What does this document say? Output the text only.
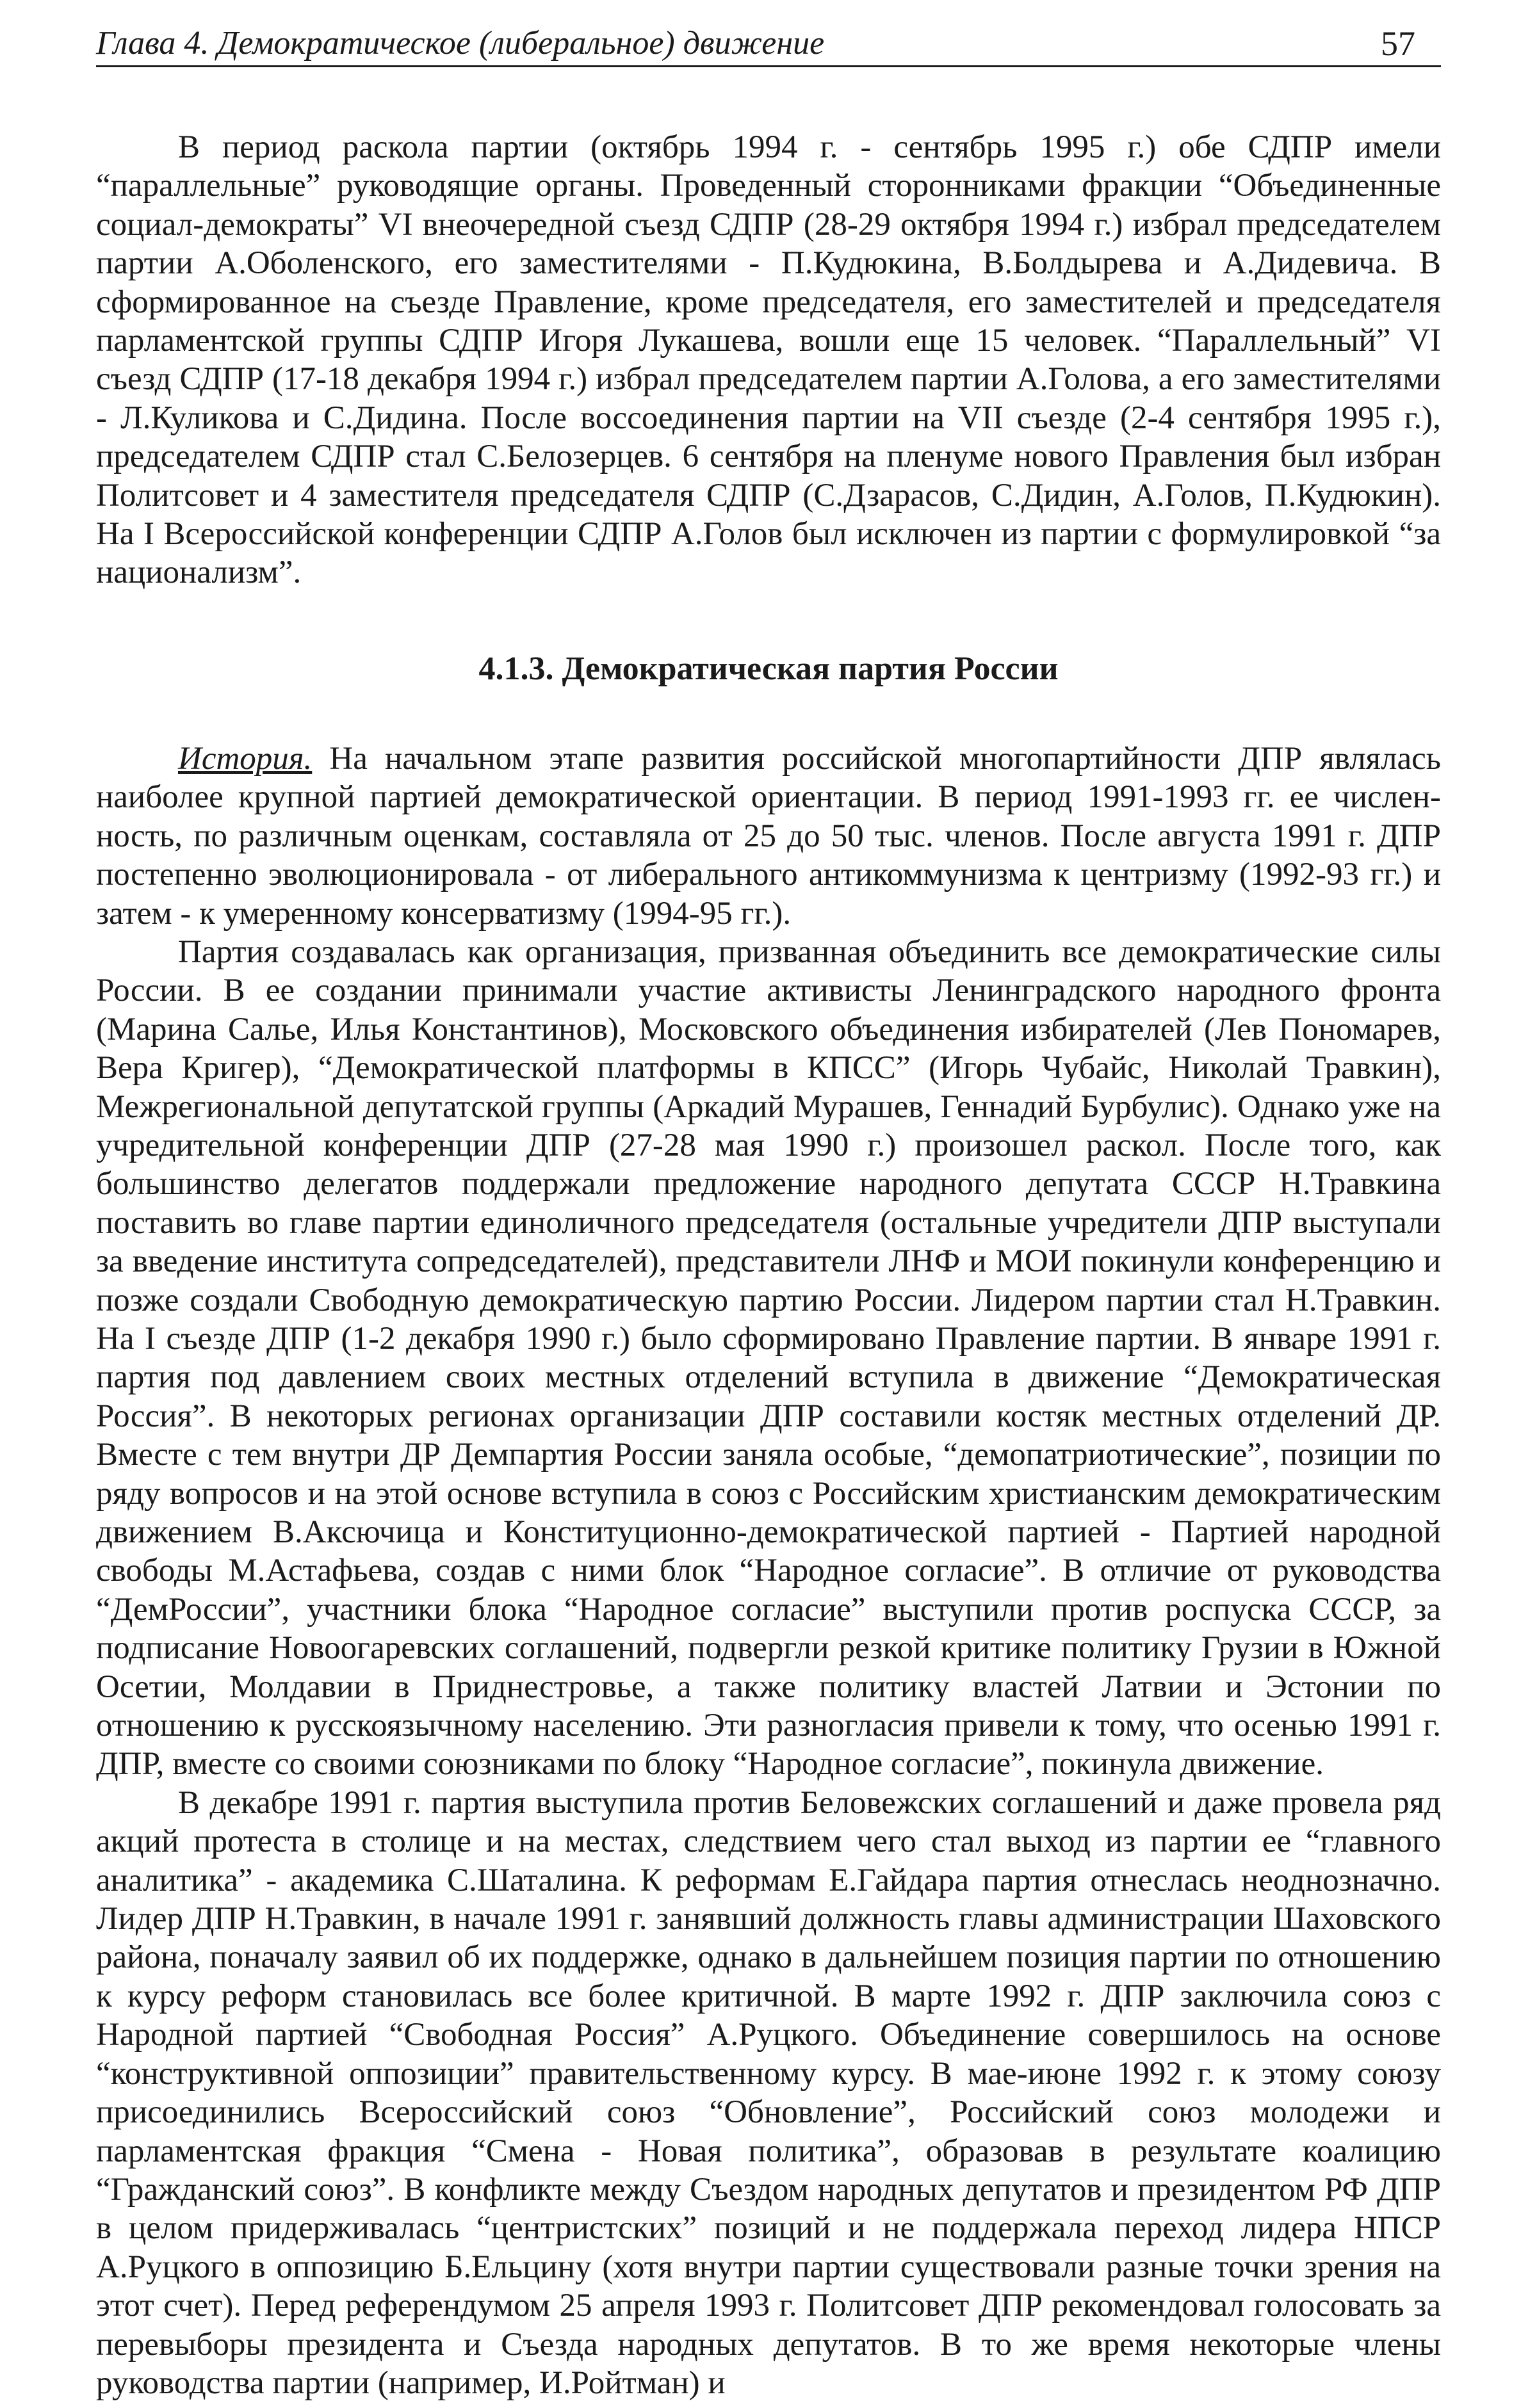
Глава 4. Демократическое (либеральное) движение	57

В период раскола партии (октябрь 1994 г. - сентябрь 1995 г.) обе СДПР имели “параллельные” руководящие органы. Проведенный сторонниками фракции “Объединенные социал-демократы” VI внеочередной съезд СДПР (28-29 октября 1994 г.) избрал председателем партии А.Оболенского, его заместителями - П.Кудюкина, В.Болдырева и А.Дидевича. В сформированное на съезде Правление, кроме председателя, его заместителей и председателя парламентской группы СДПР Игоря Лукашева, вошли еще 15 человек. “Параллельный” VI съезд СДПР (17-18 декабря 1994 г.) избрал председателем партии А.Голова, а его заместителями - Л.Куликова и С.Дидина. После воссоединения партии на VII съезде (2-4 сентября 1995 г.), председателем СДПР стал С.Белозерцев. 6 сентября на пленуме нового Правления был избран Политсовет и 4 заместителя председателя СДПР (С.Дзарасов, С.Дидин, А.Голов, П.Кудюкин). На I Всероссийской конференции СДПР А.Голов был исключен из партии с формулировкой “за национализм”.

4.1.3. Демократическая партия России

История. На начальном этапе развития российской многопартийности ДПР являлась наиболее крупной партией демократической ориентации. В период 1991-1993 гг. ее численность, по различным оценкам, составляла от 25 до 50 тыс. членов. После августа 1991 г. ДПР постепенно эволюционировала - от либерального антикоммунизма к центризму (1992-93 гг.) и затем - к умеренному консерватизму (1994-95 гг.).

Партия создавалась как организация, призванная объединить все демократические силы России. В ее создании принимали участие активисты Ленинградского народного фронта (Марина Салье, Илья Константинов), Московского объединения избирателей (Лев Пономарев, Вера Кригер), “Демократической платформы в КПСС” (Игорь Чубайс, Николай Травкин), Межрегиональной депутатской группы (Аркадий Мурашев, Геннадий Бурбулис). Однако уже на учредительной конференции ДПР (27-28 мая 1990 г.) произошел раскол. После того, как большинство делегатов поддержали предложение народного депутата СССР Н.Травкина поставить во главе партии единоличного председателя (остальные учредители ДПР выступали за введение института сопредседателей), представители ЛНФ и МОИ покинули конференцию и позже создали Свободную демократическую партию России. Лидером партии стал Н.Травкин. На I съезде ДПР (1-2 декабря 1990 г.) было сформировано Правление партии. В январе 1991 г. партия под давлением своих местных отделений вступила в движение “Демократическая Россия”. В некоторых регионах организации ДПР составили костяк местных отделений ДР. Вместе с тем внутри ДР Демпартия России заняла особые, “демопатриотические”, позиции по ряду вопросов и на этой основе вступила в союз с Российским христианским демократическим движением В.Аксючица и Конституционно-демократической партией - Партией народной свободы М.Астафьева, создав с ними блок “Народное согласие”. В отличие от руководства “ДемРоссии”, участники блока “Народное согласие” выступили против роспуска СССР, за подписание Новоогаревских соглашений, подвергли резкой критике политику Грузии в Южной Осетии, Молдавии в Приднестровье, а также политику властей Латвии и Эстонии по отношению к русскоязычному населению. Эти разногласия привели к тому, что осенью 1991 г. ДПР, вместе со своими союзниками по блоку “Народное согласие”, покинула движение.

В декабре 1991 г. партия выступила против Беловежских соглашений и даже провела ряд акций протеста в столице и на местах, следствием чего стал выход из партии ее “главного аналитика” - академика С.Шаталина. К реформам Е.Гайдара партия отнеслась неоднозначно. Лидер ДПР Н.Травкин, в начале 1991 г. занявший должность главы администрации Шаховского района, поначалу заявил об их поддержке, однако в дальнейшем позиция партии по отношению к курсу реформ становилась все более критичной. В марте 1992 г. ДПР заключила союз с Народной партией “Свободная Россия” А.Руцкого. Объединение совершилось на основе “конструктивной оппозиции” правительственному курсу. В мае-июне 1992 г. к этому союзу присоединились Всероссийский союз “Обновление”, Российский союз молодежи и парламентская фракция “Смена - Новая политика”, образовав в результате коалицию “Гражданский союз”. В конфликте между Съездом народных депутатов и президентом РФ ДПР в целом придерживалась “центристских” позиций и не поддержала переход лидера НПСР А.Руцкого в оппозицию Б.Ельцину (хотя внутри партии существовали разные точки зрения на этот счет). Перед референдумом 25 апреля 1993 г. Политсовет ДПР рекомендовал голосовать за перевыборы президента и Съезда народных депутатов. В то же время некоторые члены руководства партии (например, И.Ройтман) и
